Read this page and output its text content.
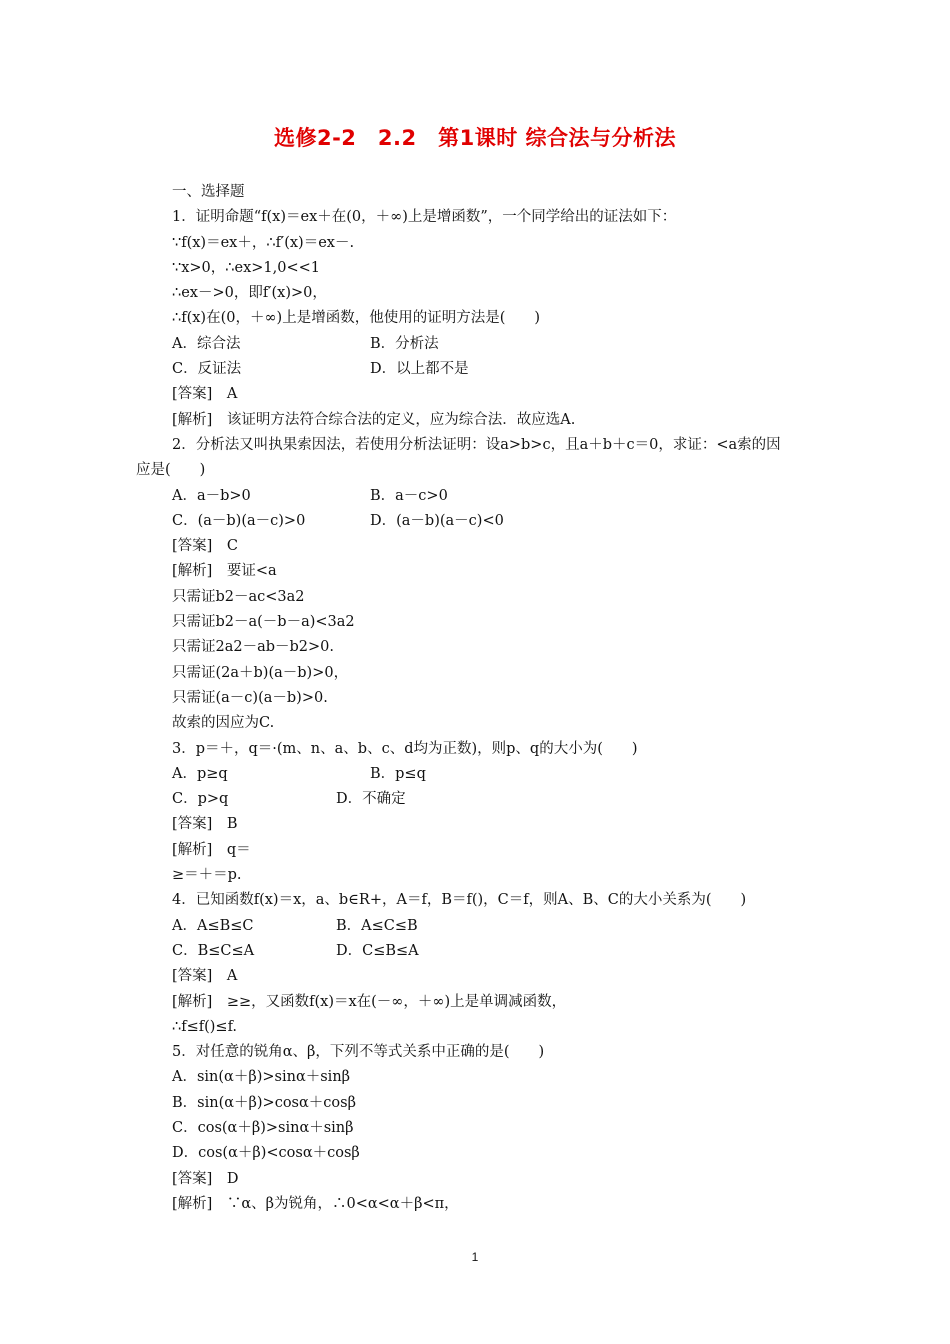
选修2-2　2.2　第1课时 综合法与分析法
一、选择题
1．证明命题“f(x)＝ex＋在(0，＋∞)上是增函数”，一个同学给出的证法如下：
∵f(x)＝ex＋，∴f′(x)＝ex－.
∵x>0，∴ex>1,0<<1
∴ex－>0，即f′(x)>0，
∴f(x)在(0，＋∞)上是增函数，他使用的证明方法是(　　)
A．综合法	B．分析法
C．反证法	D．以上都不是
[答案]　A
[解析]　该证明方法符合综合法的定义，应为综合法．故应选A.
2．分析法又叫执果索因法，若使用分析法证明：设a>b>c，且a＋b＋c＝0，求证：<a索的因
应是(　　)
A．a－b>0	B．a－c>0
C．(a－b)(a－c)>0	D．(a－b)(a－c)<0
[答案]　C
[解析]　要证<a
只需证b2－ac<3a2
只需证b2－a(－b－a)<3a2
只需证2a2－ab－b2>0.
只需证(2a＋b)(a－b)>0，
只需证(a－c)(a－b)>0.
故索的因应为C.
3．p＝＋，q＝·(m、n、a、b、c、d均为正数)，则p、q的大小为(　　)
A．p≥q	B．p≤q
C．p>q	D．不确定
[答案]　B
[解析]　q＝
≥＝＋＝p.
4．已知函数f(x)＝x，a、b∈R+，A＝f，B＝f()，C＝f，则A、B、C的大小关系为(　　)
A．A≤B≤C	B．A≤C≤B
C．B≤C≤A	D．C≤B≤A
[答案]　A
[解析]　≥≥，又函数f(x)＝x在(－∞，＋∞)上是单调减函数，
∴f≤f()≤f.
5．对任意的锐角α、β，下列不等式关系中正确的是(　　)
A．sin(α＋β)>sinα＋sinβ
B．sin(α＋β)>cosα＋cosβ
C．cos(α＋β)>sinα＋sinβ
D．cos(α＋β)<cosα＋cosβ
[答案]　D
[解析]　∵α、β为锐角，∴0<α<α＋β<π，
1
